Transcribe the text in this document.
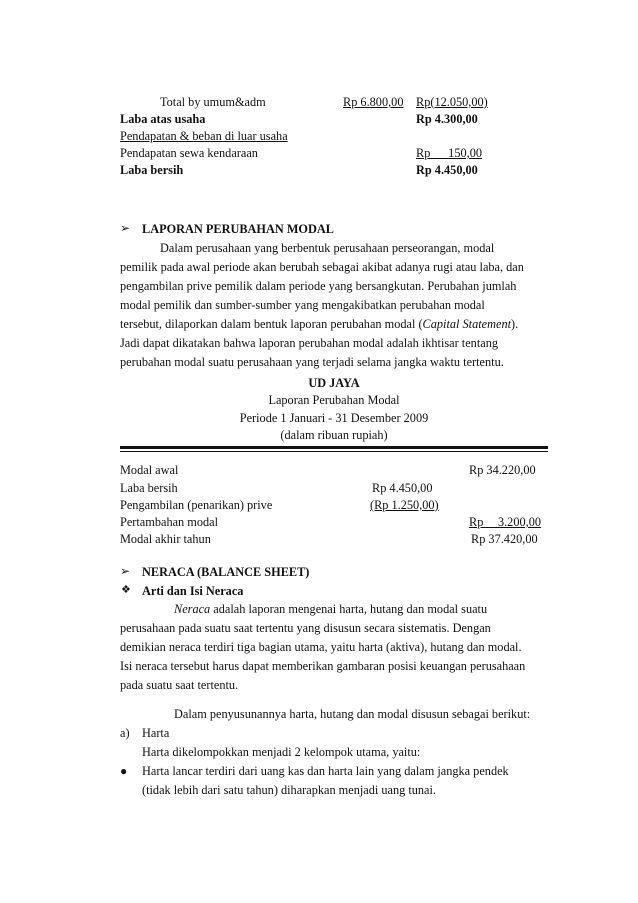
Total by umum&adm	Rp 6.800,00 Rp(12.050,00)
Laba atas usaha	Rp 4.300,00
Pendapatan & beban di luar usaha
Pendapatan sewa kendaraan	Rp 150,00
Laba bersih	Rp 4.450,00
➢ LAPORAN PERUBAHAN MODAL
Dalam perusahaan yang berbentuk perusahaan perseorangan, modal
pemilik pada awal periode akan berubah sebagai akibat adanya rugi atau laba, dan
pengambilan prive pemilik dalam periode yang bersangkutan. Perubahan jumlah
modal pemilik dan sumber-sumber yang mengakibatkan perubahan modal
tersebut, dilaporkan dalam bentuk laporan perubahan modal (Capital Statement).
Jadi dapat dikatakan bahwa laporan perubahan modal adalah ikhtisar tentang
perubahan modal suatu perusahaan yang terjadi selama jangka waktu tertentu.
UD JAYA
Laporan Perubahan Modal
Periode 1 Januari - 31 Desember 2009
(dalam ribuan rupiah)
Modal awal	Rp 34.220,00
Laba bersih	Rp 4.450,00
Pengambilan (penarikan) prive	(Rp 1.250,00)
Pertambahan modal	Rp 3.200,00
Modal akhir tahun	Rp 37.420,00
➢ NERACA (BALANCE SHEET)
❖ Arti dan Isi Neraca
Neraca adalah laporan mengenai harta, hutang dan modal suatu
perusahaan pada suatu saat tertentu yang disusun secara sistematis. Dengan
demikian neraca terdiri tiga bagian utama, yaitu harta (aktiva), hutang dan modal.
Isi neraca tersebut harus dapat memberikan gambaran posisi keuangan perusahaan
pada suatu saat tertentu.
Dalam penyusunannya harta, hutang dan modal disusun sebagai berikut:
a) Harta
Harta dikelompokkan menjadi 2 kelompok utama, yaitu:
● Harta lancar terdiri dari uang kas dan harta lain yang dalam jangka pendek
(tidak lebih dari satu tahun) diharapkan menjadi uang tunai.
